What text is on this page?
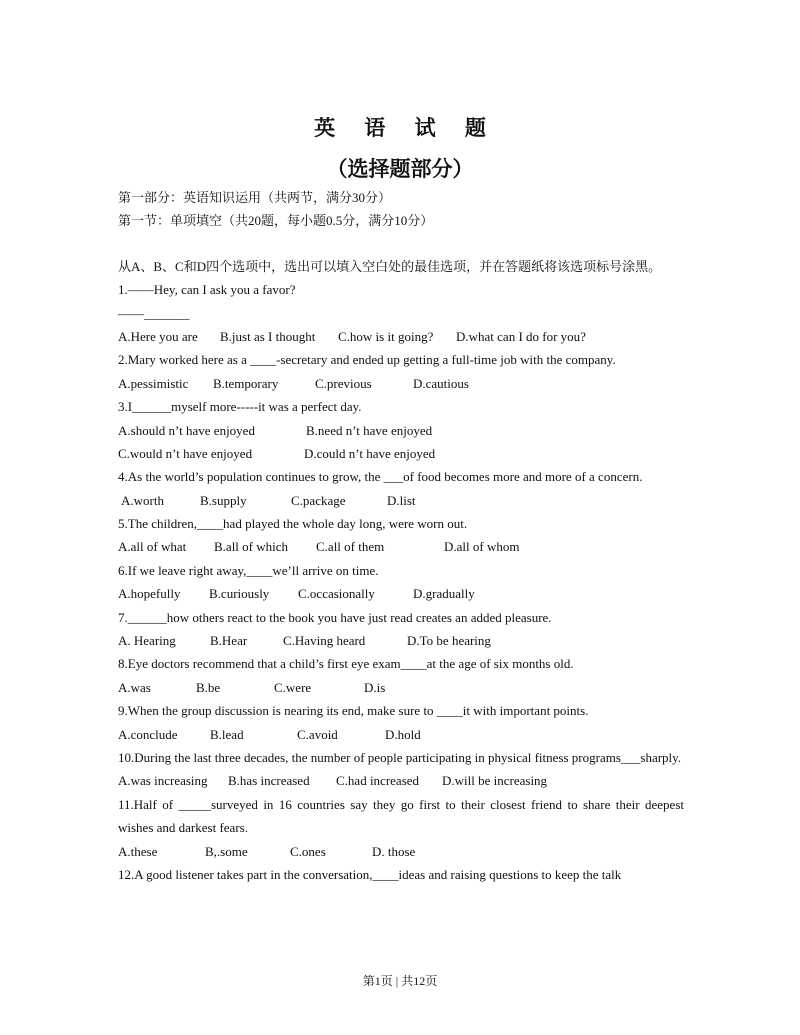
英 语 试 题
（选择题部分）
第一部分：英语知识运用（共两节，满分30分）
第一节：单项填空（共20题，每小题0.5分，满分10分）
从A、B、C和D四个选项中，选出可以填入空白处的最佳选项，并在答题纸将该选项标号涂黑。
1.——Hey, can I ask you a favor?
——_______
A.Here you are B.just as I thought C.how is it going? D.what can I do for you?
2.Mary worked here as a ____-secretary and ended up getting a full-time job with the company.
A.pessimistic B.temporary	C.previous	D.cautious
3.I______myself more-----it was a perfect day.
A.should n’t have enjoyed	B.need n’t have enjoyed
C.would n’t have enjoyed	D.could n’t have enjoyed
4.As the world’s population continues to grow, the ___of food becomes more and more of a concern.
A.worth	B.supply	C.package	D.list
5.The children,____had played the whole day long, were worn out.
A.all of what B.all of which C.all of them	D.all of whom
6.If we leave right away,____we’ll arrive on time.
A.hopefully B.curiously C.occasionally	D.gradually
7.______how others react to the book you have just read creates an added pleasure.
A. Hearing	B.Hear	C.Having heard	D.To be hearing
8.Eye doctors recommend that a child’s first eye exam____at the age of six months old.
A.was	B.be	C.were	D.is
9.When the group discussion is nearing its end, make sure to ____it with important points.
A.conclude B.lead	C.avoid	D.hold
10.During the last three decades, the number of people participating in physical fitness programs___sharply.
A.was increasing B.has increased C.had increased D.will be increasing
11.Half of _____surveyed in 16 countries say they go first to their closest friend to share their deepest wishes and darkest fears.
A.these	B,.some	C.ones	D. those
12.A good listener takes part in the conversation,____ideas and raising questions to keep the talk
第1页 | 共12页
